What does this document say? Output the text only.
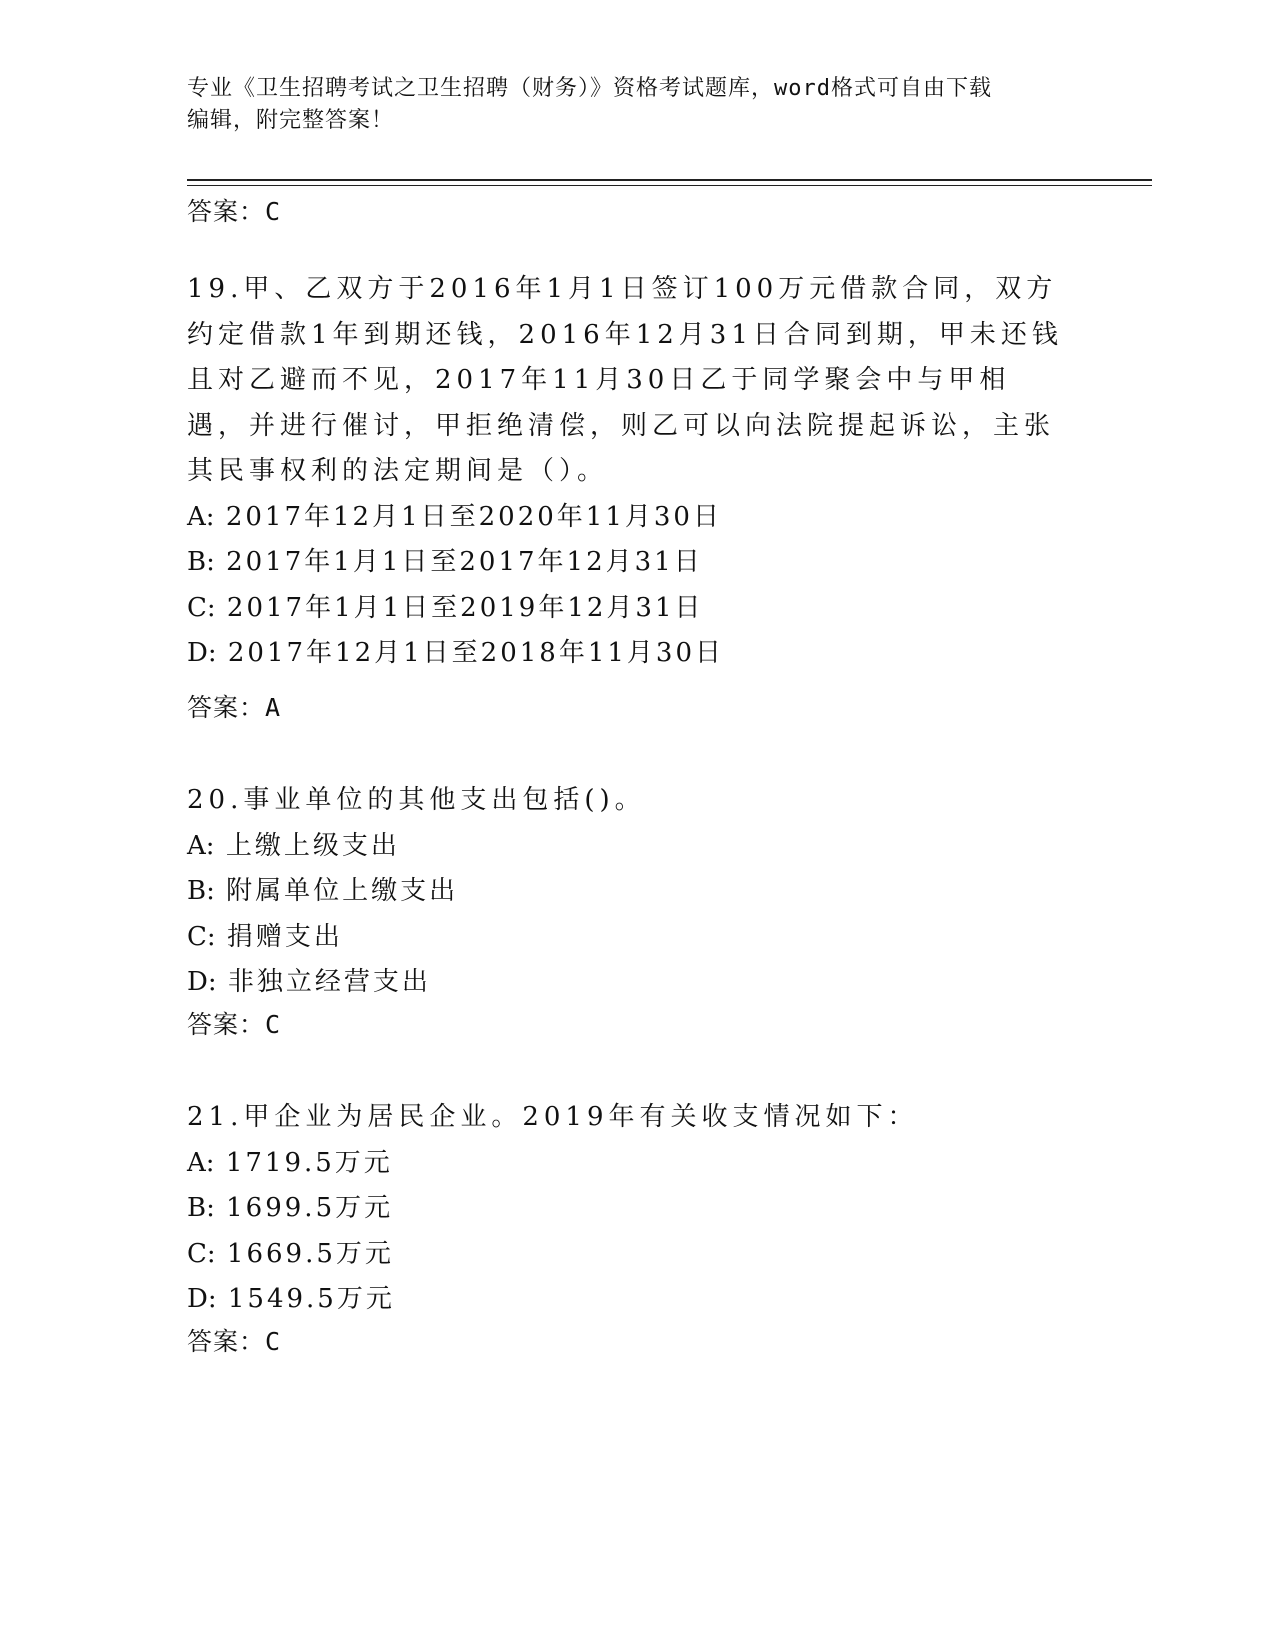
专业《卫生招聘考试之卫生招聘（财务）》资格考试题库，word格式可自由下载
编辑，附完整答案！
答案：C
19.甲、乙双方于2016年1月1日签订100万元借款合同，双方约定借款1年到期还钱，2016年12月31日合同到期，甲未还钱且对乙避而不见，2017年11月30日乙于同学聚会中与甲相遇，并进行催讨，甲拒绝清偿，则乙可以向法院提起诉讼，主张其民事权利的法定期间是（）。
A: 2017年12月1日至2020年11月30日
B: 2017年1月1日至2017年12月31日
C: 2017年1月1日至2019年12月31日
D: 2017年12月1日至2018年11月30日
答案：A
20.事业单位的其他支出包括()。
A: 上缴上级支出
B: 附属单位上缴支出
C: 捐赠支出
D: 非独立经营支出
答案：C
21.甲企业为居民企业。2019年有关收支情况如下：
A: 1719.5万元
B: 1699.5万元
C: 1669.5万元
D: 1549.5万元
答案：C
